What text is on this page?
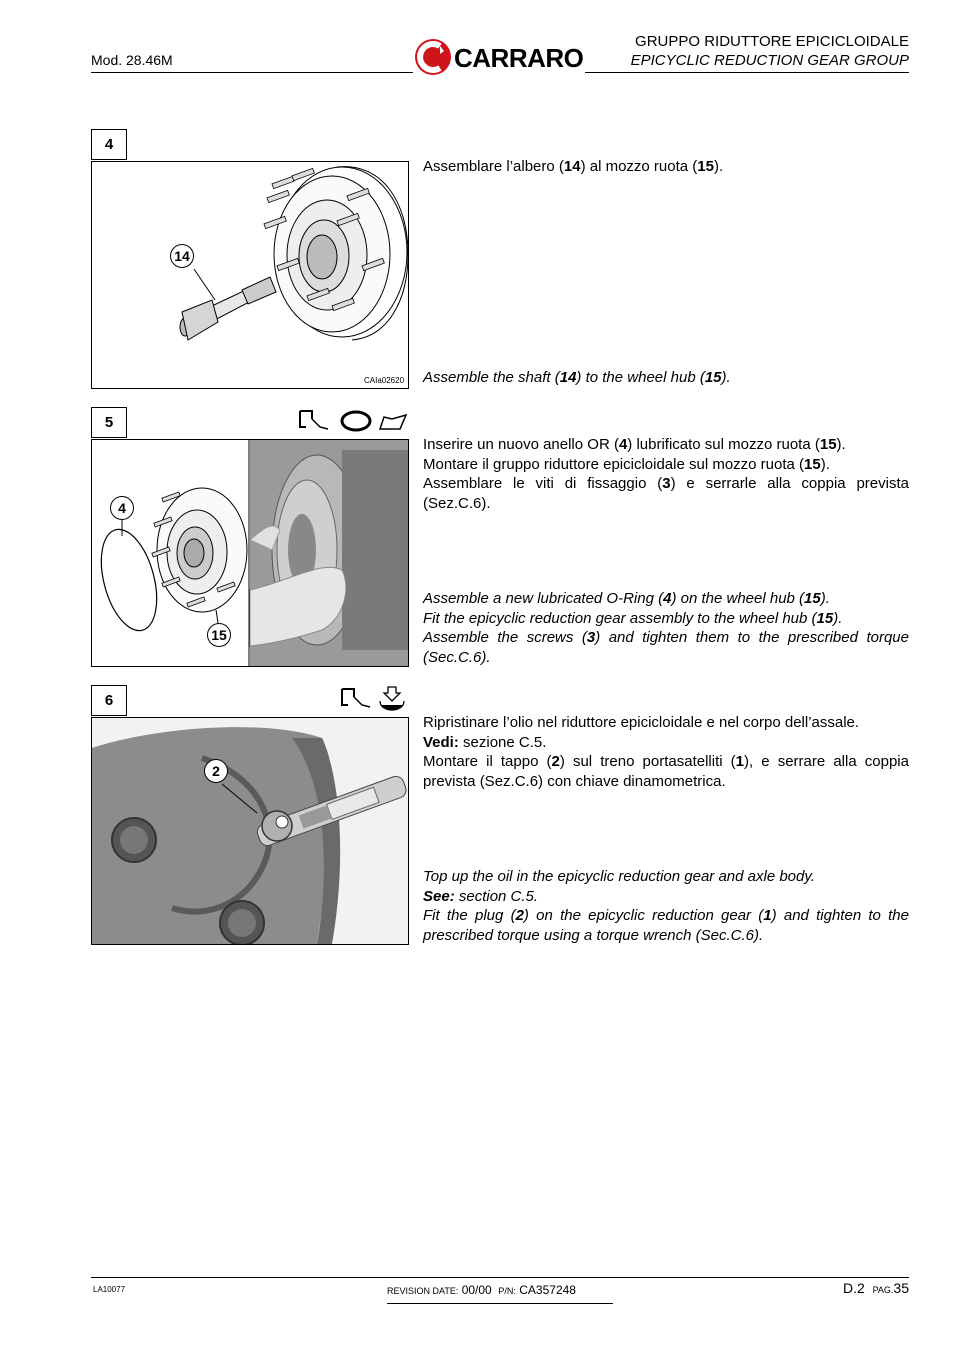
Mod. 28.46M	CARRARO
GRUPPO RIDUTTORE EPICICLOIDALE
EPICYCLIC REDUCTION GEAR GROUP
4
CAIa02620
14
Assemblare l’albero (14) al mozzo ruota (15).
Assemble the shaft (14) to the wheel hub (15).
5
4
15
Inserire un nuovo anello OR (4) lubrificato sul mozzo ruota (15).
Montare il gruppo riduttore epicicloidale sul mozzo ruota (15).
Assemblare le viti di fissaggio (3) e serrarle alla coppia prevista (Sez.C.6).
Assemble a new lubricated O-Ring (4) on the wheel hub (15).
Fit the epicyclic reduction gear assembly to the wheel hub (15).
Assemble the screws (3) and tighten them to the prescribed torque (Sec.C.6).
6
2
Ripristinare l’olio nel riduttore epicicloidale e nel corpo dell’assale.
Vedi: sezione C.5.
Montare il tappo (2) sul treno portasatelliti (1), e serrare alla coppia prevista (Sez.C.6) con chiave dinamometrica.
Top up the oil in the epicyclic reduction gear and axle body.
See: section C.5.
Fit the plug (2) on the epicyclic reduction gear (1) and tighten to the prescribed torque using a torque wrench (Sec.C.6).
LA10077	REVISION DATE: 00/00 P/N: CA357248	D.2 PAG.35
